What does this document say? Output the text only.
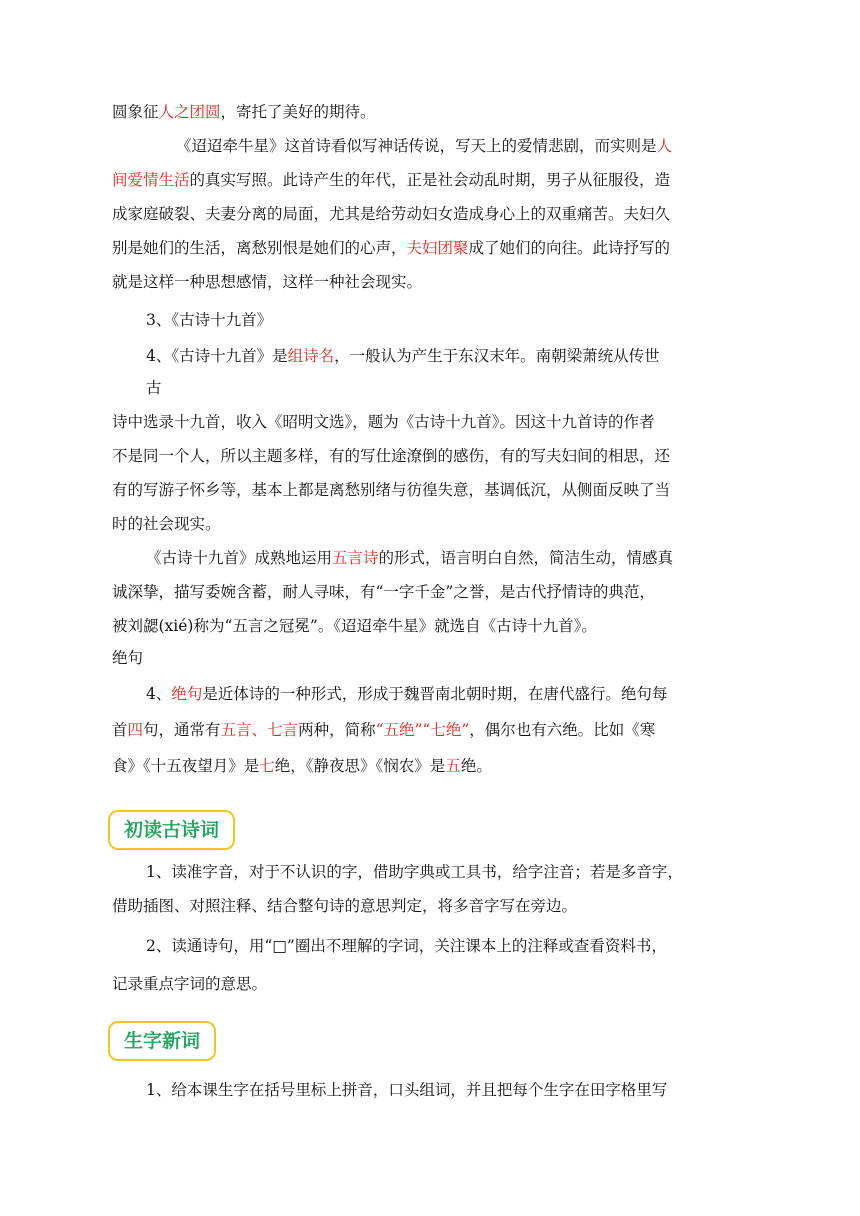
圆象征人之团圆，寄托了美好的期待。

《迢迢牵牛星》这首诗看似写神话传说，写天上的爱情悲剧，而实则是人

间爱情生活的真实写照。此诗产生的年代，正是社会动乱时期，男子从征服役，造

成家庭破裂、夫妻分离的局面，尤其是给劳动妇女造成身心上的双重痛苦。夫妇久

别是她们的生活，离愁别恨是她们的心声，夫妇团聚成了她们的向往。此诗抒写的

就是这样一种思想感情，这样一种社会现实。

3、《古诗十九首》

4、《古诗十九首》是组诗名，一般认为产生于东汉末年。南朝梁萧统从传世

古

诗中选录十九首，收入《昭明文选》，题为《古诗十九首》。因这十九首诗的作者

不是同一个人，所以主题多样，有的写仕途潦倒的感伤，有的写夫妇间的相思，还

有的写游子怀乡等，基本上都是离愁别绪与彷徨失意，基调低沉，从侧面反映了当

时的社会现实。

《古诗十九首》成熟地运用五言诗的形式，语言明白自然，简洁生动，情感真

诚深挚，描写委婉含蓄，耐人寻味，有“一字千金”之誉，是古代抒情诗的典范，

被刘勰(xié)称为“五言之冠冕”。《迢迢牵牛星》就选自《古诗十九首》。

绝句

4、绝句是近体诗的一种形式，形成于魏晋南北朝时期，在唐代盛行。绝句每

首四句，通常有五言、七言两种，简称“五绝”“七绝”，偶尔也有六绝。比如《寒

食》《十五夜望月》是七绝，《静夜思》《悯农》是五绝。

初读古诗词

1、读准字音，对于不认识的字，借助字典或工具书，给字注音；若是多音字，

借助插图、对照注释、结合整句诗的意思判定，将多音字写在旁边。

2、读通诗句，用“□”圈出不理解的字词，关注课本上的注释或查看资料书，

记录重点字词的意思。

生字新词

1、给本课生字在括号里标上拼音，口头组词，并且把每个生字在田字格里写
